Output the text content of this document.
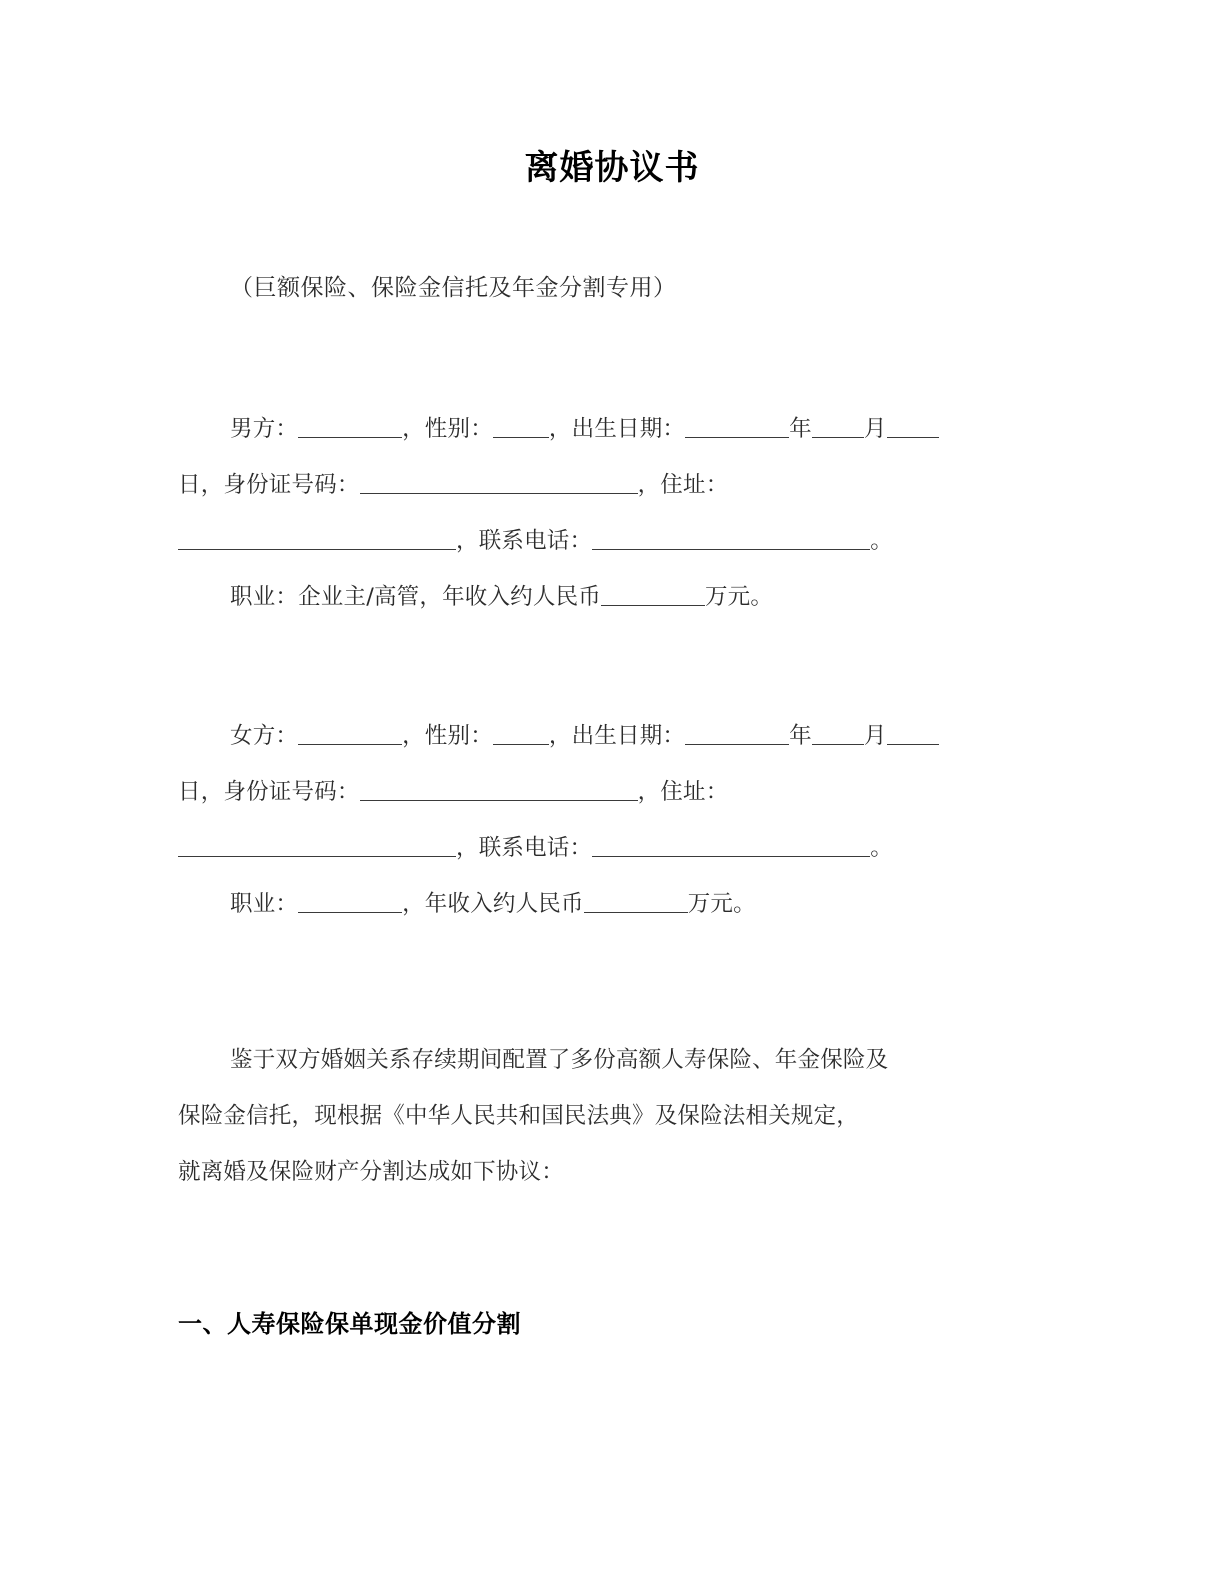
离婚协议书

（巨额保险、保险金信托及年金分割专用）

男方：	，性别： ，出生日期：	年 月
日，身份证号码：	，住址：
，联系电话：	。
职业：企业主/高管，年收入约人民币	万元。
女方：	，性别： ，出生日期：	年 月
日，身份证号码：	，住址：
，联系电话：	。
职业：	，年收入约人民币	万元。
鉴于双方婚姻关系存续期间配置了多份高额人寿保险、年金保险及
保险金信托，现根据《中华人民共和国民法典》及保险法相关规定，
就离婚及保险财产分割达成如下协议：
一、人寿保险保单现金价值分割
